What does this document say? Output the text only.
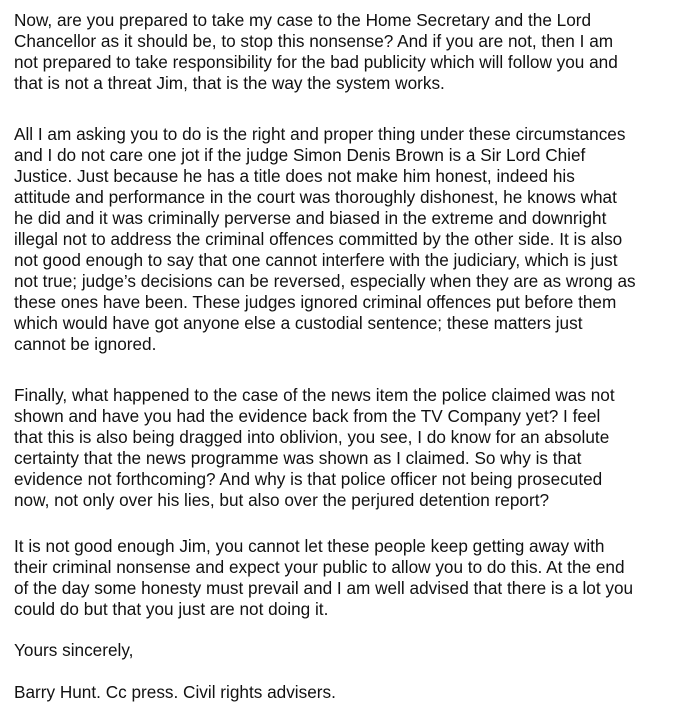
Now, are you prepared to take my case to the Home Secretary and the Lord

Chancellor as it should be, to stop this nonsense? And if you are not, then I am

not prepared to take responsibility for the bad publicity which will follow you and

that is not a threat Jim, that is the way the system works.

All I am asking you to do is the right and proper thing under these circumstances

and I do not care one jot if the judge Simon Denis Brown is a Sir Lord Chief

Justice. Just because he has a title does not make him honest, indeed his

attitude and performance in the court was thoroughly dishonest, he knows what

he did and it was criminally perverse and biased in the extreme and downright

illegal not to address the criminal offences committed by the other side. It is also

not good enough to say that one cannot interfere with the judiciary, which is just

not true; judge’s decisions can be reversed, especially when they are as wrong as

these ones have been. These judges ignored criminal offences put before them

which would have got anyone else a custodial sentence; these matters just

cannot be ignored.

Finally, what happened to the case of the news item the police claimed was not

shown and have you had the evidence back from the TV Company yet? I feel

that this is also being dragged into oblivion, you see, I do know for an absolute

certainty that the news programme was shown as I claimed. So why is that

evidence not forthcoming? And why is that police officer not being prosecuted

now, not only over his lies, but also over the perjured detention report?

It is not good enough Jim, you cannot let these people keep getting away with

their criminal nonsense and expect your public to allow you to do this. At the end

of the day some honesty must prevail and I am well advised that there is a lot you

could do but that you just are not doing it.

Yours sincerely,

Barry Hunt. Cc press. Civil rights advisers.
